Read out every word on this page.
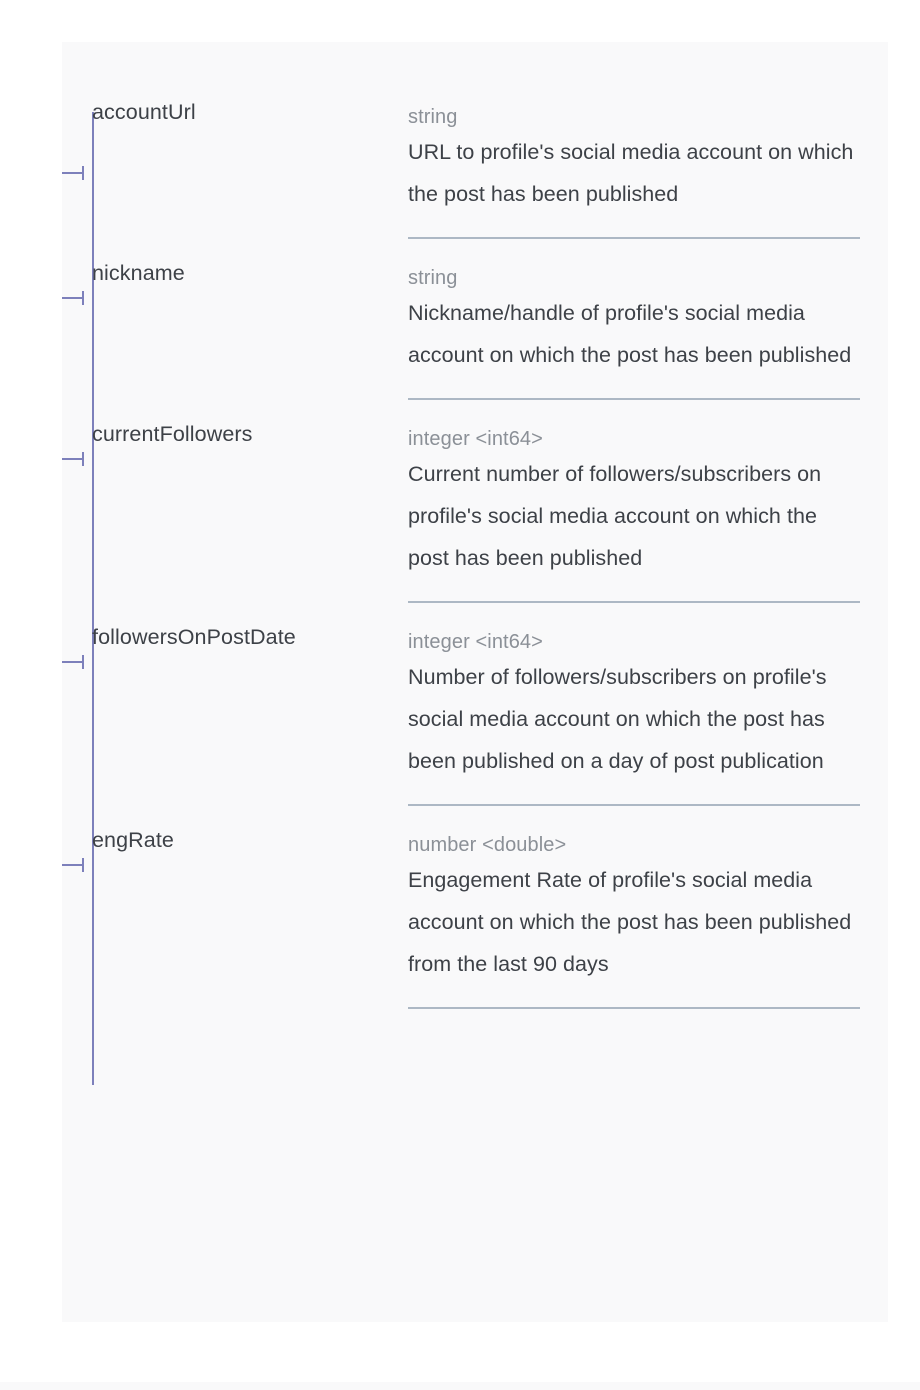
accountUrl	string
URL to profile's social media account on which the post has been published
nickname	string
Nickname/handle of profile's social media account on which the post has been published
currentFollowers	integer <int64>
Current number of followers/subscribers on profile's social media account on which the post has been published
followersOnPostDate	integer <int64>
Number of followers/subscribers on profile's social media account on which the post has been published on a day of post publication
engRate	number <double>
Engagement Rate of profile's social media account on which the post has been published from the last 90 days
